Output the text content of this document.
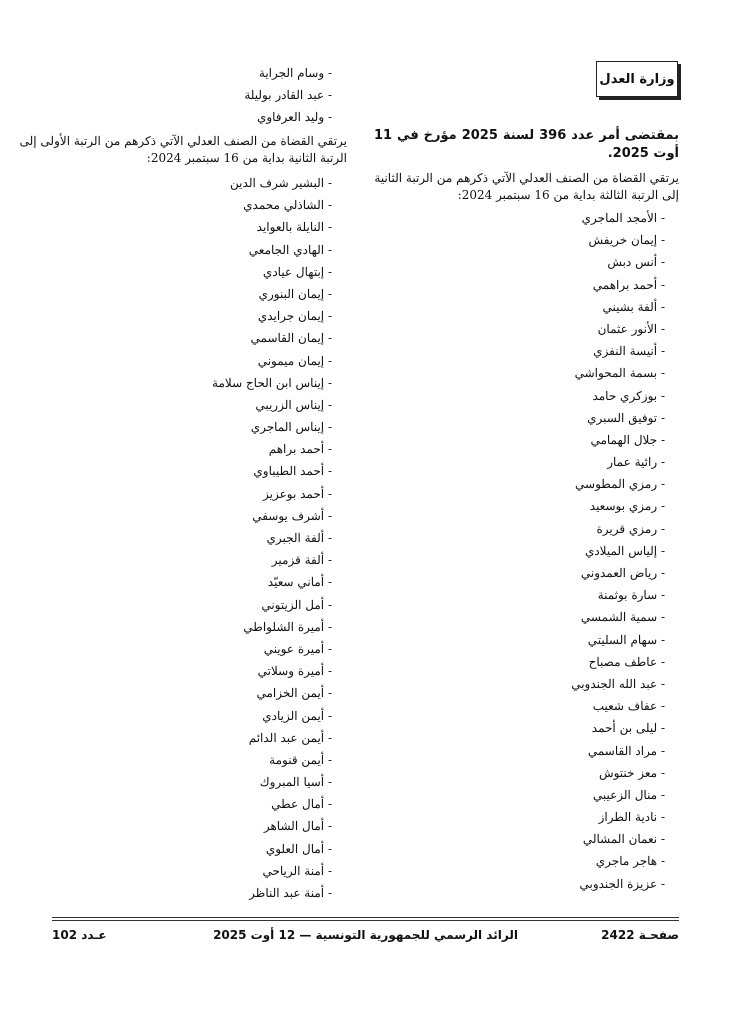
وزارة العدل
بمقتضى أمر عدد 396 لسنة 2025 مؤرخ في 11 أوت 2025.
يرتقي القضاة من الصنف العدلي الآتي ذكرهم من الرتبة الثانية إلى الرتبة الثالثة بداية من 16 سبتمبر 2024:
- الأمجد الماجري
- إيمان خريفش
- أنس دبش
- أحمد براهمي
- ألفة بشيني
- الأنور عثمان
- أنيسة النفزي
- بسمة المحواشي
- بوزكري حامد
- توفيق السبري
- جلال الهمامي
- رائية عمار
- رمزي المطوسي
- رمزي بوسعيد
- رمزي قريرة
- إلياس الميلادي
- رياض العمدوني
- سارة بوثمنة
- سمية الشمسي
- سهام السليتي
- عاطف مصباح
- عبد الله الجندوبي
- عفاف شعيب
- ليلى بن أحمد
- مراد القاسمي
- معز خنتوش
- منال الزعيبي
- نادية الطراز
- نعمان المشالي
- هاجر ماجري
- عزيزة الجندوبي
- وسام الجراية
- عبد القادر بوليلة
- وليد العرفاوي
يرتقي القضاة من الصنف العدلي الآتي ذكرهم من الرتبة الأولى إلى الرتبة الثانية بداية من 16 سبتمبر 2024:
- البشير شرف الدين
- الشاذلي محمدي
- النايلة بالعوايد
- الهادي الجامعي
- إبتهال عيادي
- إيمان البنوري
- إيمان جرايدي
- إيمان القاسمي
- إيمان ميموني
- إيناس ابن الحاج سلامة
- إيناس الزريبي
- إيناس الماجري
- أحمد براهم
- أحمد الطيباوي
- أحمد بوعزيز
- أشرف يوسفي
- ألفة الجبري
- ألفة قزمير
- أماني سعيّد
- أمل الزيتوني
- أميرة الشلواطي
- أميرة عويني
- أميرة وسلاتي
- أيمن الخزامي
- أيمن الزيادي
- أيمن عبد الدائم
- أيمن قنومة
- أسيا المبروك
- أمال عطي
- أمال الشاهر
- أمال العلوي
- أمنة الرياحي
- أمنة عبد الناظر
صفحـة 2422
الرائد الرسمي للجمهورية التونسية — 12 أوت 2025
عـدد 102
